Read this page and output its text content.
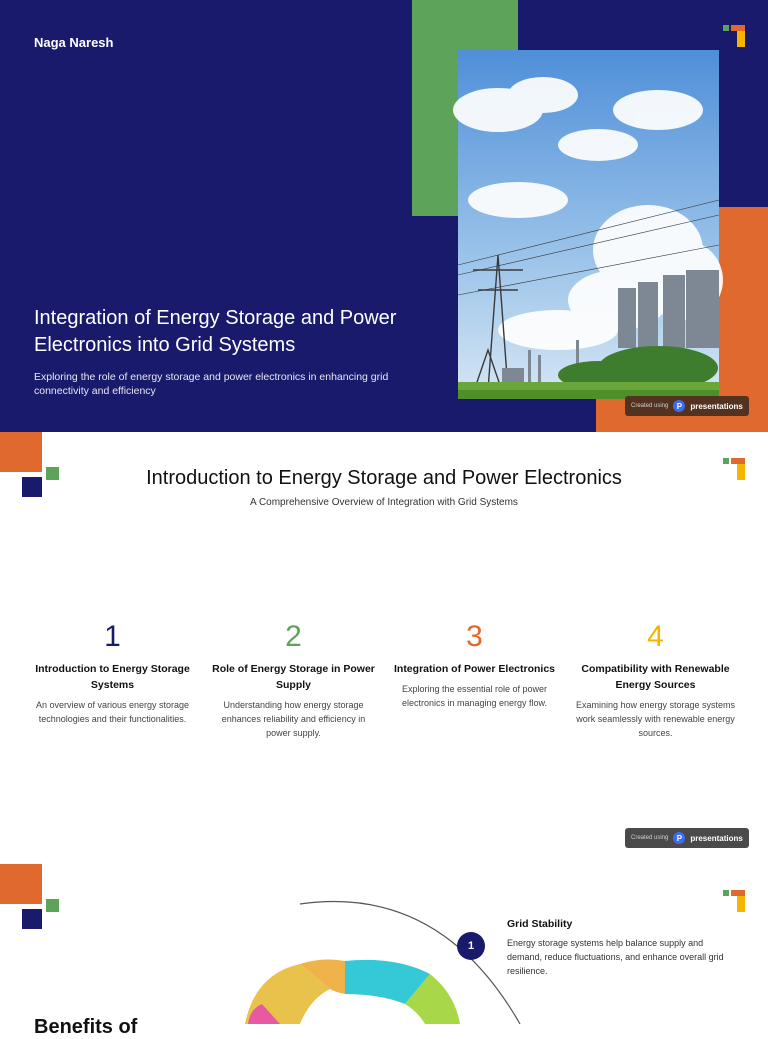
Naga Naresh
Integration of Energy Storage and Power Electronics into Grid Systems

Exploring the role of energy storage and power electronics in enhancing grid connectivity and efficiency

Created using	P	presentations
Introduction to Energy Storage and Power Electronics

A Comprehensive Overview of Integration with Grid Systems

1
Introduction to Energy Storage Systems
An overview of various energy storage technologies and their functionalities.
2
Role of Energy Storage in Power Supply
Understanding how energy storage enhances reliability and efficiency in power supply.
3
Integration of Power Electronics
Exploring the essential role of power electronics in managing energy flow.
4
Compatibility with Renewable Energy Sources
Examining how energy storage systems work seamlessly with renewable energy sources.
Created using	P	presentations
1
Grid Stability
Energy storage systems help balance supply and demand, reduce fluctuations, and enhance overall grid resilience.
Benefits of
